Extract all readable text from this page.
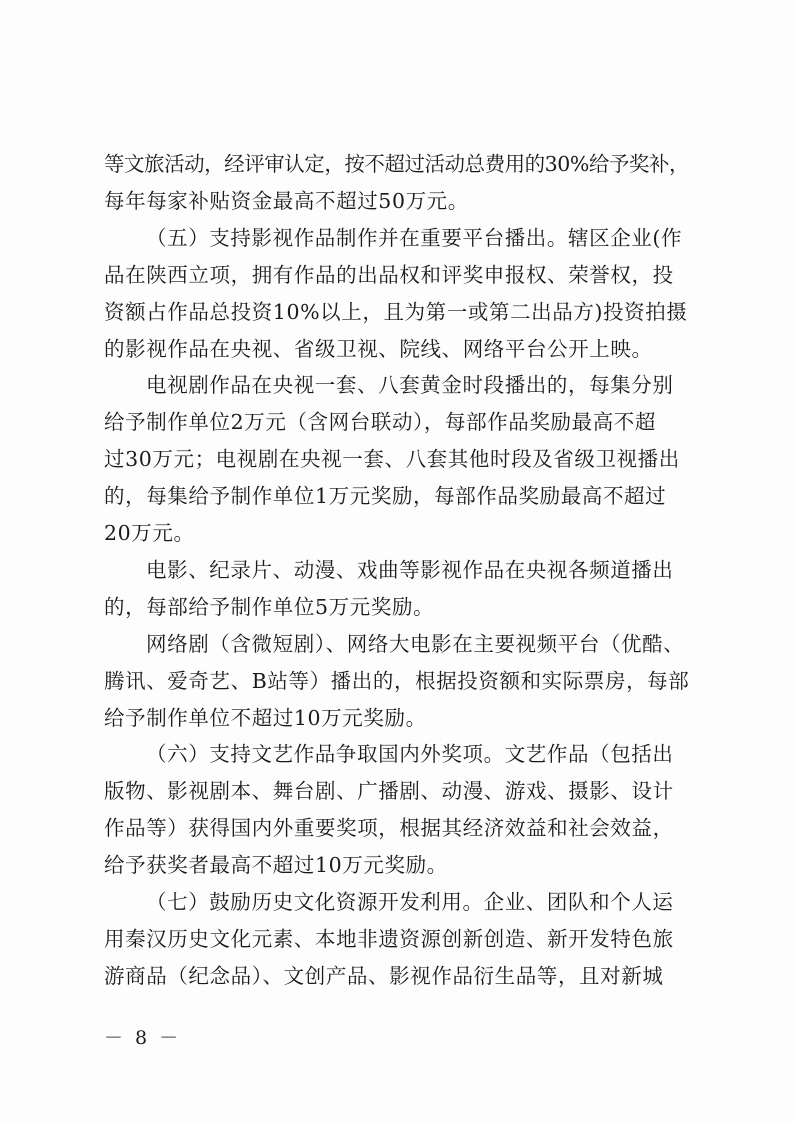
等文旅活动，经评审认定，按不超过活动总费用的30%给予奖补，

每年每家补贴资金最高不超过50万元。

（五）支持影视作品制作并在重要平台播出。辖区企业(作

品在陕西立项，拥有作品的出品权和评奖申报权、荣誉权，投

资额占作品总投资10%以上，且为第一或第二出品方)投资拍摄

的影视作品在央视、省级卫视、院线、网络平台公开上映。

电视剧作品在央视一套、八套黄金时段播出的，每集分别

给予制作单位2万元（含网台联动），每部作品奖励最高不超

过30万元；电视剧在央视一套、八套其他时段及省级卫视播出

的，每集给予制作单位1万元奖励，每部作品奖励最高不超过

20万元。

电影、纪录片、动漫、戏曲等影视作品在央视各频道播出

的，每部给予制作单位5万元奖励。

网络剧（含微短剧）、网络大电影在主要视频平台（优酷、

腾讯、爱奇艺、B站等）播出的，根据投资额和实际票房，每部

给予制作单位不超过10万元奖励。

（六）支持文艺作品争取国内外奖项。文艺作品（包括出

版物、影视剧本、舞台剧、广播剧、动漫、游戏、摄影、设计

作品等）获得国内外重要奖项，根据其经济效益和社会效益，

给予获奖者最高不超过10万元奖励。

（七）鼓励历史文化资源开发利用。企业、团队和个人运

用秦汉历史文化元素、本地非遗资源创新创造、新开发特色旅

游商品（纪念品）、文创产品、影视作品衍生品等，且对新城

－ 8 －
